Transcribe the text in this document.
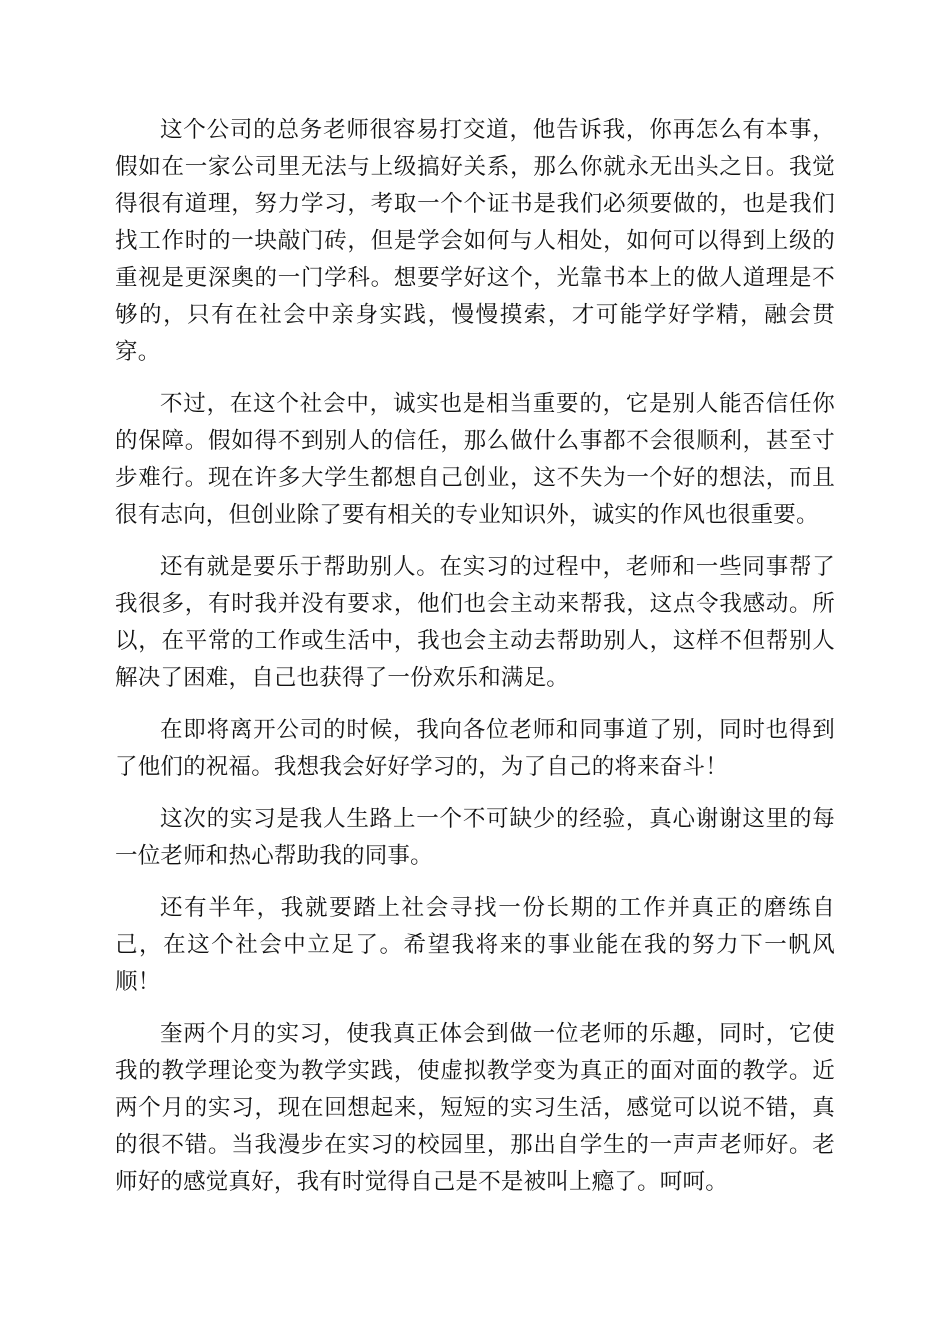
这个公司的总务老师很容易打交道，他告诉我，你再怎么有本事，假如在一家公司里无法与上级搞好关系，那么你就永无出头之日。我觉得很有道理，努力学习，考取一个个证书是我们必须要做的，也是我们找工作时的一块敲门砖，但是学会如何与人相处，如何可以得到上级的重视是更深奥的一门学科。想要学好这个，光靠书本上的做人道理是不够的，只有在社会中亲身实践，慢慢摸索，才可能学好学精，融会贯穿。

不过，在这个社会中，诚实也是相当重要的，它是别人能否信任你的保障。假如得不到别人的信任，那么做什么事都不会很顺利，甚至寸步难行。现在许多大学生都想自己创业，这不失为一个好的想法，而且很有志向，但创业除了要有相关的专业知识外，诚实的作风也很重要。

还有就是要乐于帮助别人。在实习的过程中，老师和一些同事帮了我很多，有时我并没有要求，他们也会主动来帮我，这点令我感动。所以，在平常的工作或生活中，我也会主动去帮助别人，这样不但帮别人解决了困难，自己也获得了一份欢乐和满足。

在即将离开公司的时候，我向各位老师和同事道了别，同时也得到了他们的祝福。我想我会好好学习的，为了自己的将来奋斗！

这次的实习是我人生路上一个不可缺少的经验，真心谢谢这里的每一位老师和热心帮助我的同事。

还有半年，我就要踏上社会寻找一份长期的工作并真正的磨练自己，在这个社会中立足了。希望我将来的事业能在我的努力下一帆风顺！

奎两个月的实习，使我真正体会到做一位老师的乐趣，同时，它使我的教学理论变为教学实践，使虚拟教学变为真正的面对面的教学。近两个月的实习，现在回想起来，短短的实习生活，感觉可以说不错，真的很不错。当我漫步在实习的校园里，那出自学生的一声声老师好。老师好的感觉真好，我有时觉得自己是不是被叫上瘾了。呵呵。
